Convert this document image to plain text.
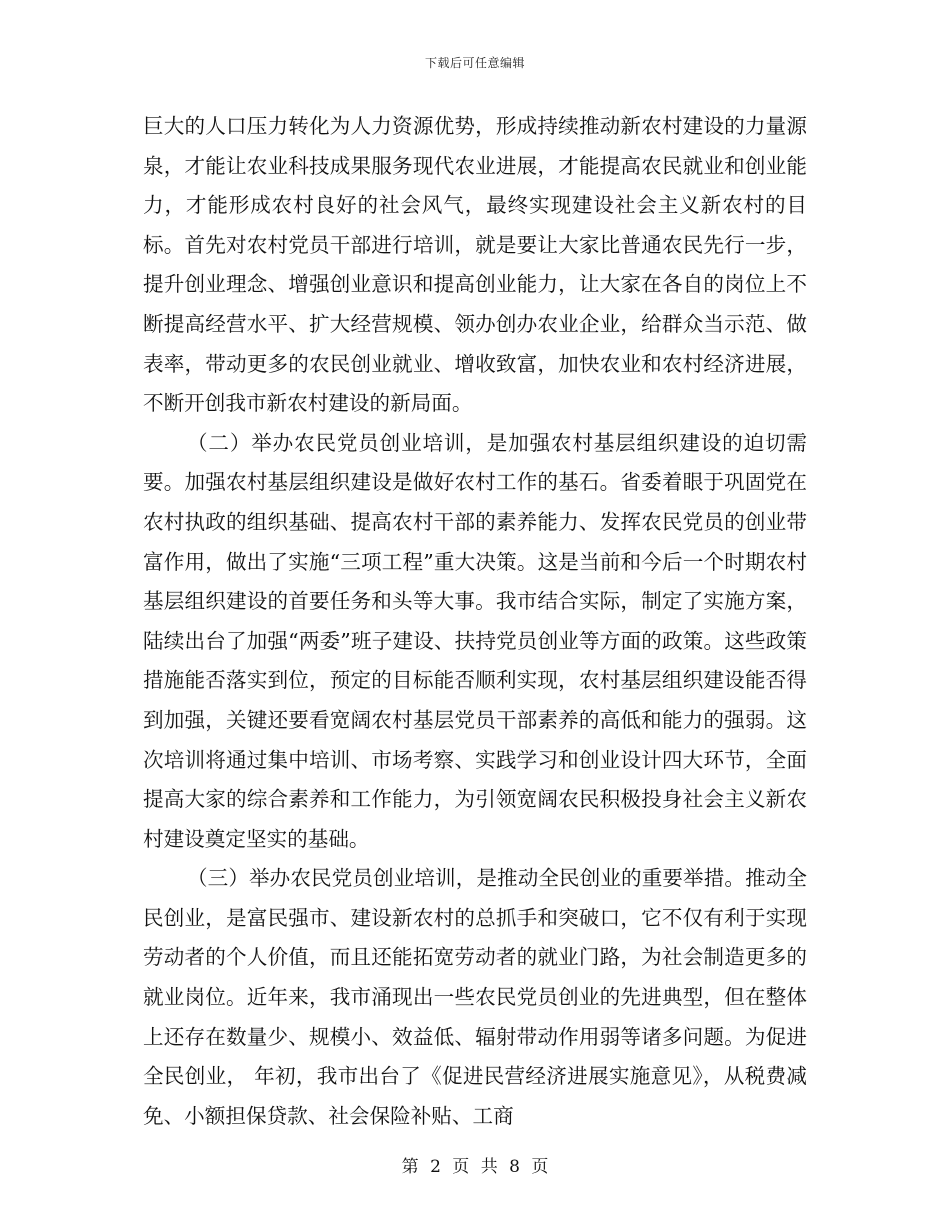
下载后可任意编辑

巨大的人口压力转化为人力资源优势，形成持续推动新农村建设的力量源泉，才能让农业科技成果服务现代农业进展，才能提高农民就业和创业能力，才能形成农村良好的社会风气，最终实现建设社会主义新农村的目标。首先对农村党员干部进行培训，就是要让大家比普通农民先行一步，提升创业理念、增强创业意识和提高创业能力，让大家在各自的岗位上不断提高经营水平、扩大经营规模、领办创办农业企业，给群众当示范、做表率，带动更多的农民创业就业、增收致富，加快农业和农村经济进展，不断开创我市新农村建设的新局面。

（二）举办农民党员创业培训，是加强农村基层组织建设的迫切需要。加强农村基层组织建设是做好农村工作的基石。省委着眼于巩固党在农村执政的组织基础、提高农村干部的素养能力、发挥农民党员的创业带富作用，做出了实施“三项工程”重大决策。这是当前和今后一个时期农村基层组织建设的首要任务和头等大事。我市结合实际，制定了实施方案，陆续出台了加强“两委”班子建设、扶持党员创业等方面的政策。这些政策措施能否落实到位，预定的目标能否顺利实现，农村基层组织建设能否得到加强，关键还要看宽阔农村基层党员干部素养的高低和能力的强弱。这次培训将通过集中培训、市场考察、实践学习和创业设计四大环节，全面提高大家的综合素养和工作能力，为引领宽阔农民积极投身社会主义新农村建设奠定坚实的基础。

（三）举办农民党员创业培训，是推动全民创业的重要举措。推动全民创业，是富民强市、建设新农村的总抓手和突破口，它不仅有利于实现劳动者的个人价值，而且还能拓宽劳动者的就业门路，为社会制造更多的就业岗位。近年来，我市涌现出一些农民党员创业的先进典型，但在整体上还存在数量少、规模小、效益低、辐射带动作用弱等诸多问题。为促进全民创业， 年初，我市出台了《促进民营经济进展实施意见》，从税费减免、小额担保贷款、社会保险补贴、工商

第 2 页 共 8 页
